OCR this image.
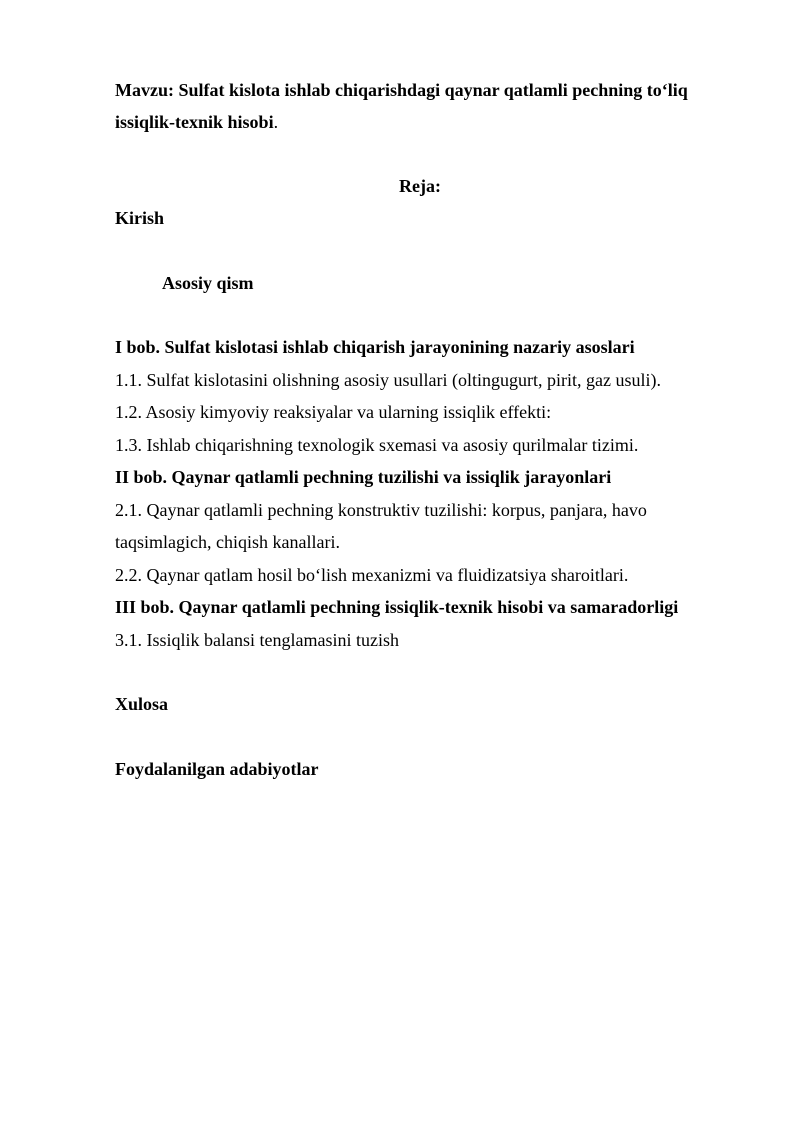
Mavzu: Sulfat kislota ishlab chiqarishdagi qaynar qatlamli pechning to‘liq issiqlik-texnik hisobi.

Reja:

Kirish

Asosiy qism

I bob. Sulfat kislotasi ishlab chiqarish jarayonining nazariy asoslari

1.1. Sulfat kislotasini olishning asosiy usullari (oltingugurt, pirit, gaz usuli).

1.2. Asosiy kimyoviy reaksiyalar va ularning issiqlik effekti:

1.3. Ishlab chiqarishning texnologik sxemasi va asosiy qurilmalar tizimi.

II bob. Qaynar qatlamli pechning tuzilishi va issiqlik jarayonlari

2.1. Qaynar qatlamli pechning konstruktiv tuzilishi: korpus, panjara, havo taqsimlagich, chiqish kanallari.

2.2. Qaynar qatlam hosil bo‘lish mexanizmi va fluidizatsiya sharoitlari.

III bob. Qaynar qatlamli pechning issiqlik-texnik hisobi va samaradorligi

3.1. Issiqlik balansi tenglamasini tuzish

Xulosa

Foydalanilgan adabiyotlar
